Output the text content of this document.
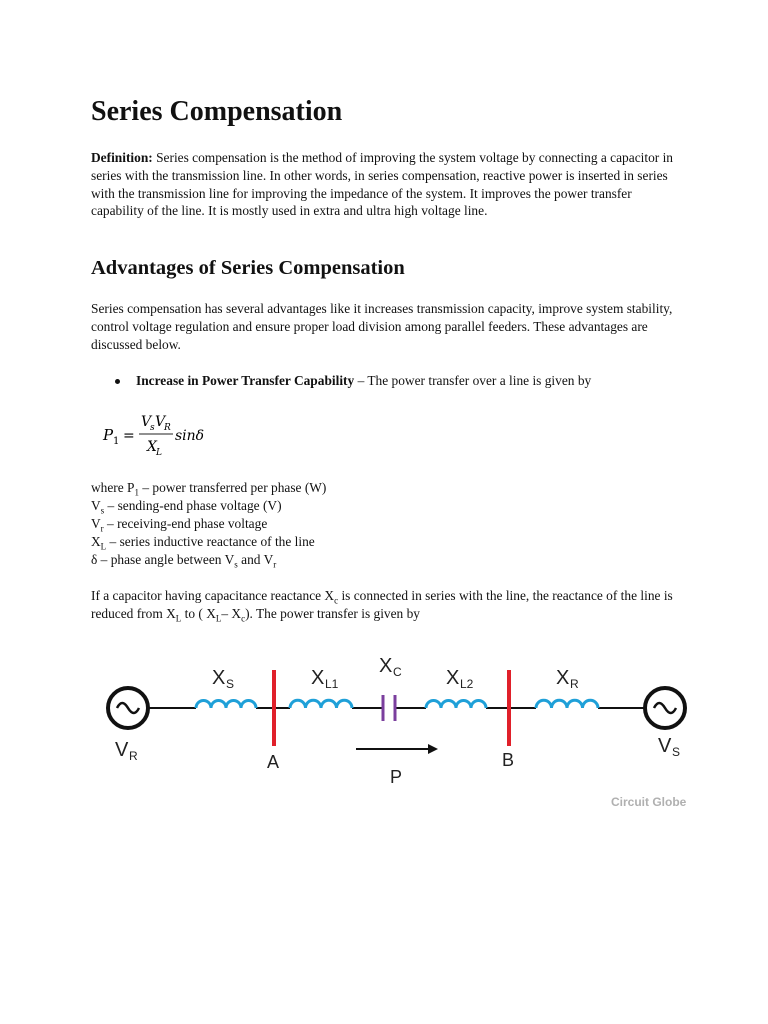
Series Compensation

Definition: Series compensation is the method of improving the system voltage by connecting a capacitor in series with the transmission line. In other words, in series compensation, reactive power is inserted in series with the transmission line for improving the impedance of the system. It improves the power transfer capability of the line. It is mostly used in extra and ultra high voltage line.

Advantages of Series Compensation

Series compensation has several advantages like it increases transmission capacity, improve system stability, control voltage regulation and ensure proper load division among parallel feeders. These advantages are discussed below.

Increase in Power Transfer Capability – The power transfer over a line is given by

P 1 =
V
s V
R
X L
sinδ
where $P_1$ – power transferred per phase (W)
$V_s$ – sending-end phase voltage (V)
$V_r$ – receiving-end phase voltage
$X_L$ – series inductive reactance of the line
δ – phase angle between $V_s$ and $V_r$

If a capacitor having capacitance reactance $X_c$ is connected in series with the line, the reactance of the line is reduced from $X_L$ to ( $X_L-$ $X_c$). The power transfer is given by

X S	X L1
X C X L2	X R
V R	V S
A	B
P
Circuit Globe
